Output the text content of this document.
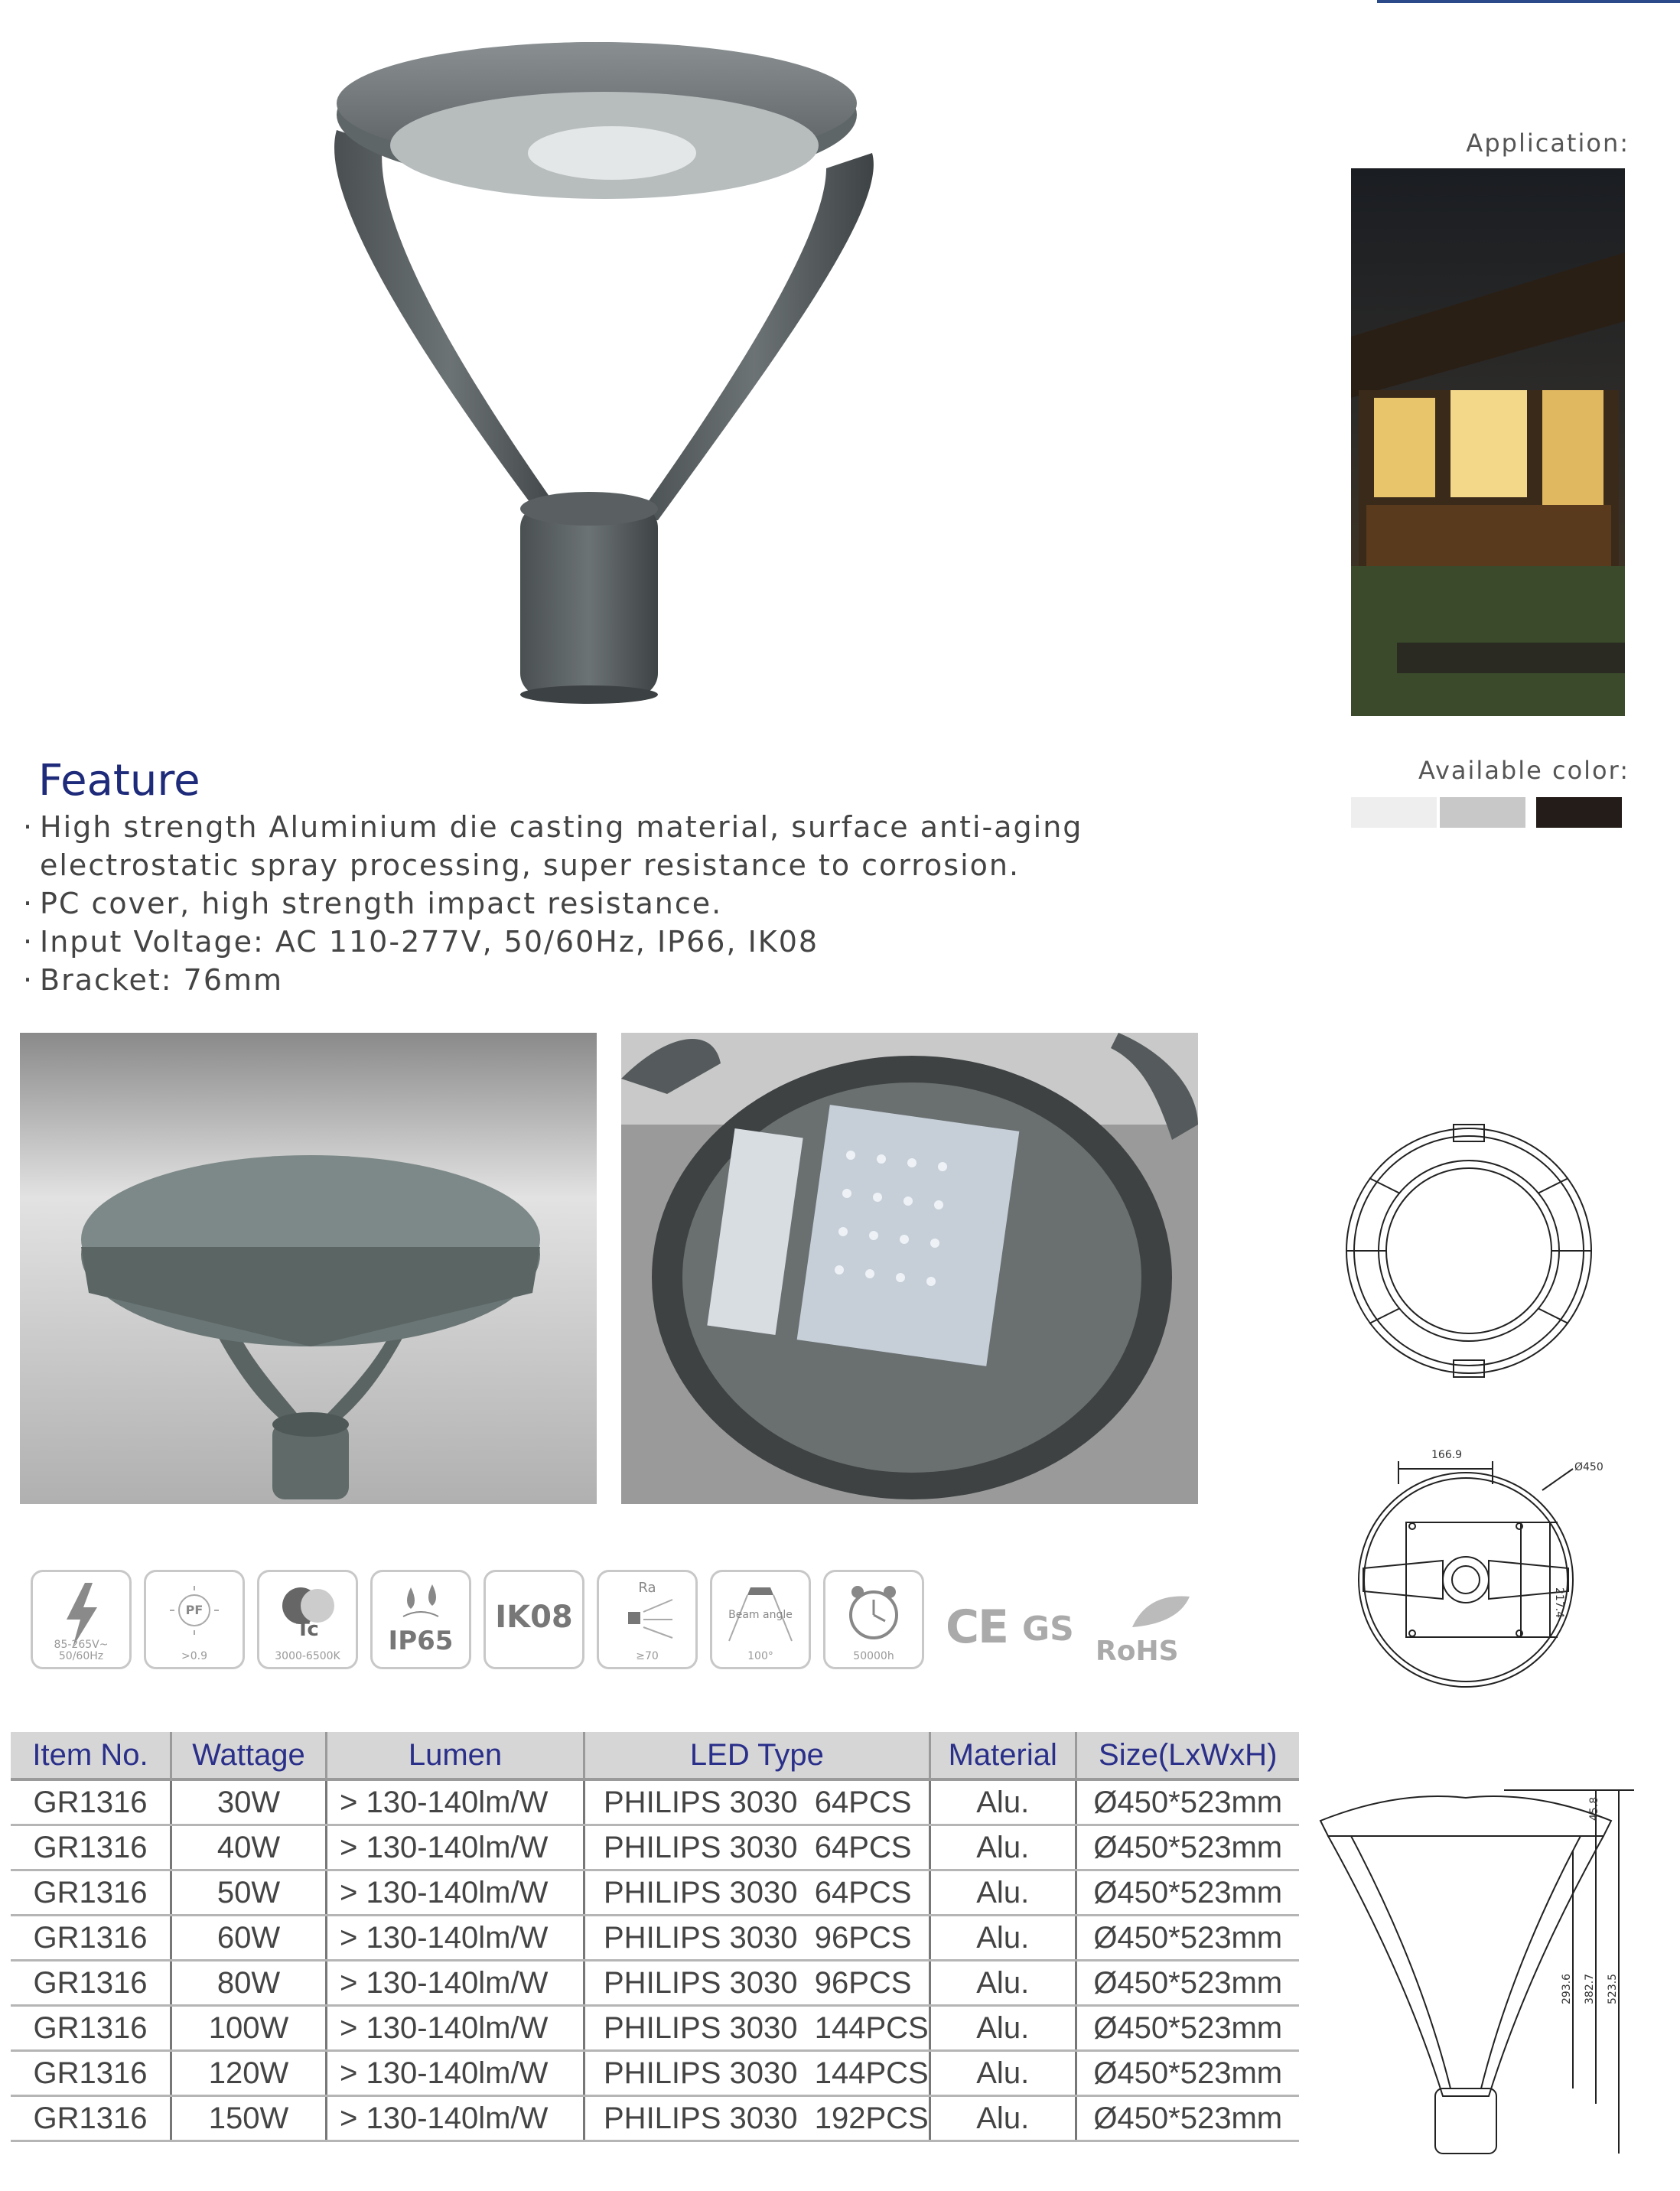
Application:
Available color:
Feature
· High strength Aluminium die casting material, surface anti-aging electrostatic spray processing, super resistance to corrosion.
· PC cover, high strength impact resistance.
· Input Voltage: AC 110-277V, 50/60Hz, IP66, IK08
· Bracket: 76mm
166.9
Ø450
217.4
45.8
293.6 382.7 523.5
85-265V~
50/60Hz
PF
>0.9
Tc
3000-6500K	IP65
IK08
Ra
≥70
Beam angle
100°	50000h
CE GS
RoHS
Item No.	Wattage	Lumen	LED Type	Material	Size(LxWxH)
GR1316	30W	> 130-140lm/W	PHILIPS 3030  64PCS	Alu.	Ø450*523mm
GR1316	40W	> 130-140lm/W	PHILIPS 3030  64PCS	Alu.	Ø450*523mm
GR1316	50W	> 130-140lm/W	PHILIPS 3030  64PCS	Alu.	Ø450*523mm
GR1316	60W	> 130-140lm/W	PHILIPS 3030  96PCS	Alu.	Ø450*523mm
GR1316	80W	> 130-140lm/W	PHILIPS 3030  96PCS	Alu.	Ø450*523mm
GR1316	100W	> 130-140lm/W	PHILIPS 3030  144PCS	Alu.	Ø450*523mm
GR1316	120W	> 130-140lm/W	PHILIPS 3030  144PCS	Alu.	Ø450*523mm
GR1316	150W	> 130-140lm/W	PHILIPS 3030  192PCS	Alu.	Ø450*523mm
